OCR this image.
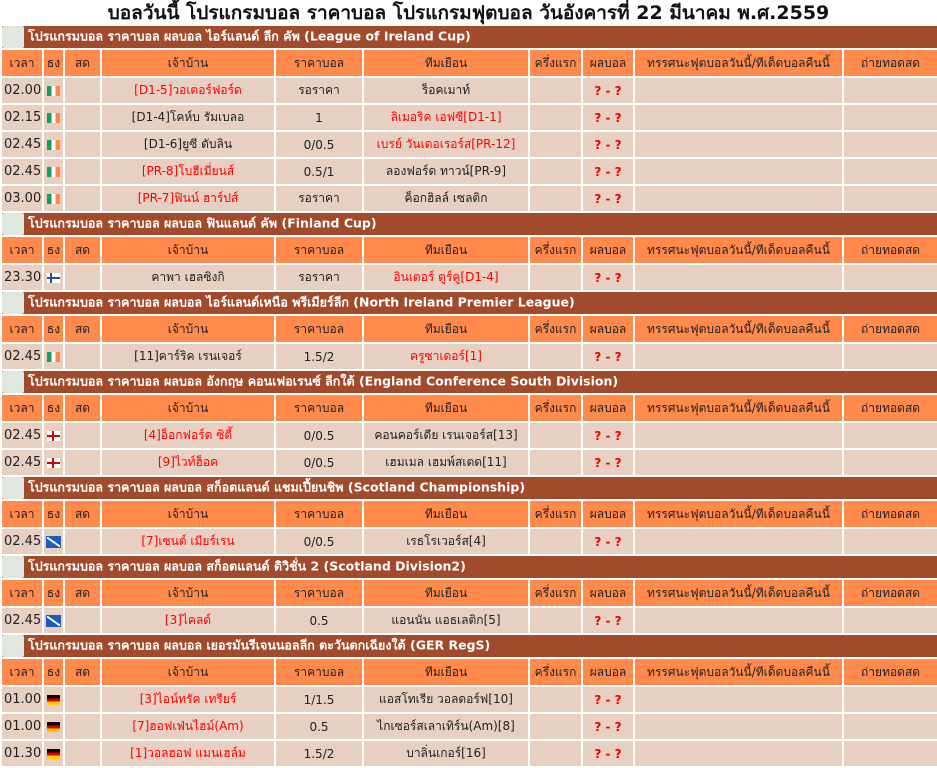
บอลวันนี้ โปรแกรมบอล ราคาบอล โปรแกรมฟุตบอล วันอังคารที่ 22 มีนาคม พ.ศ.2559
โปรแกรมบอล ราคาบอล ผลบอล ไอร์แลนด์ ลีก คัพ (League of Ireland Cup)									
เวลา	ธง	สด	เจ้าบ้าน	ราคาบอล	ทีมเยือน	ครึ่งแรก	ผลบอล	ทรรศนะฟุตบอลวันนี้/ทีเด็ดบอลคืนนี้	ถ่ายทอดสด
02.00			[D1-5]วอเตอร์ฟอร์ด	รอราคา	ร็อคเมาท์		? - ?		
02.15			[D1-4]โคห์บ รัมเบลอ	1	ลิเมอริค เอฟซี[D1-1]		? - ?		
02.45			[D1-6]ยูซี ดับลิน	0/0.5	เบรย์ วันเดอเรอร์ส[PR-12]		? - ?		
02.45			[PR-8]โบฮีเมี่ยนส์	0.5/1	ลองฟอร์ด ทาวน์[PR-9]		? - ?		
03.00			[PR-7]ฟินน์ ฮาร์ปส์	รอราคา	ค็อกฮิลล์ เซลติก		? - ?		
โปรแกรมบอล ราคาบอล ผลบอล ฟินแลนด์ คัพ (Finland Cup)									
เวลา	ธง	สด	เจ้าบ้าน	ราคาบอล	ทีมเยือน	ครึ่งแรก	ผลบอล	ทรรศนะฟุตบอลวันนี้/ทีเด็ดบอลคืนนี้	ถ่ายทอดสด
23.30			คาพา เฮลซิงกิ	รอราคา	อินเตอร์ ตูร์คู[D1-4]		? - ?		
โปรแกรมบอล ราคาบอล ผลบอล ไอร์แลนด์เหนือ พรีเมียร์ลีก (North Ireland Premier League)									
เวลา	ธง	สด	เจ้าบ้าน	ราคาบอล	ทีมเยือน	ครึ่งแรก	ผลบอล	ทรรศนะฟุตบอลวันนี้/ทีเด็ดบอลคืนนี้	ถ่ายทอดสด
02.45			[11]คาร์ริค เรนเจอร์	1.5/2	ครูซาเดอร์[1]		? - ?		
โปรแกรมบอล ราคาบอล ผลบอล อังกฤษ คอนเฟอเรนซ์ ลีกใต้ (England Conference South Division)									
เวลา	ธง	สด	เจ้าบ้าน	ราคาบอล	ทีมเยือน	ครึ่งแรก	ผลบอล	ทรรศนะฟุตบอลวันนี้/ทีเด็ดบอลคืนนี้	ถ่ายทอดสด
02.45			[4]อ็อกฟอร์ด ซิตี้	0/0.5	คอนคอร์เดีย เรนเจอร์ส[13]		? - ?		
02.45			[9]ไวท์ฮ็อค	0/0.5	เฮมเมล เฮมพ์สเตด[11]		? - ?		
โปรแกรมบอล ราคาบอล ผลบอล สก็อตแลนด์ แชมเปี้ยนชิพ (Scotland Championship)									
เวลา	ธง	สด	เจ้าบ้าน	ราคาบอล	ทีมเยือน	ครึ่งแรก	ผลบอล	ทรรศนะฟุตบอลวันนี้/ทีเด็ดบอลคืนนี้	ถ่ายทอดสด
02.45			[7]เซนต์ เมียร์เรน	0/0.5	เรธโรเวอร์ส[4]		? - ?		
โปรแกรมบอล ราคาบอล ผลบอล สก็อตแลนด์ ดิวิชั่น 2 (Scotland Division2)									
เวลา	ธง	สด	เจ้าบ้าน	ราคาบอล	ทีมเยือน	ครึ่งแรก	ผลบอล	ทรรศนะฟุตบอลวันนี้/ทีเด็ดบอลคืนนี้	ถ่ายทอดสด
02.45			[3]ไคลด์	0.5	แอนนัน แอธเลติก[5]		? - ?		
โปรแกรมบอล ราคาบอล ผลบอล เยอรมันรีเจนนอลลีก ตะวันตกเฉียงใต้ (GER RegS)									
เวลา	ธง	สด	เจ้าบ้าน	ราคาบอล	ทีมเยือน	ครึ่งแรก	ผลบอล	ทรรศนะฟุตบอลวันนี้/ทีเด็ดบอลคืนนี้	ถ่ายทอดสด
01.00			[3]ไอน์ทรัค เทรียร์	1/1.5	แอสโทเรีย วอลดอร์ฟ[10]		? - ?		
01.00			[7]ฮอฟเฟ่นไฮม์(Am)	0.5	ไกเซอร์สเลาเทิร์น(Am)[8]		? - ?		
01.30			[1]วอลฮอฟ แมนเฮล์ม	1.5/2	บาลิ่นเกอร์[16]		? - ?		
